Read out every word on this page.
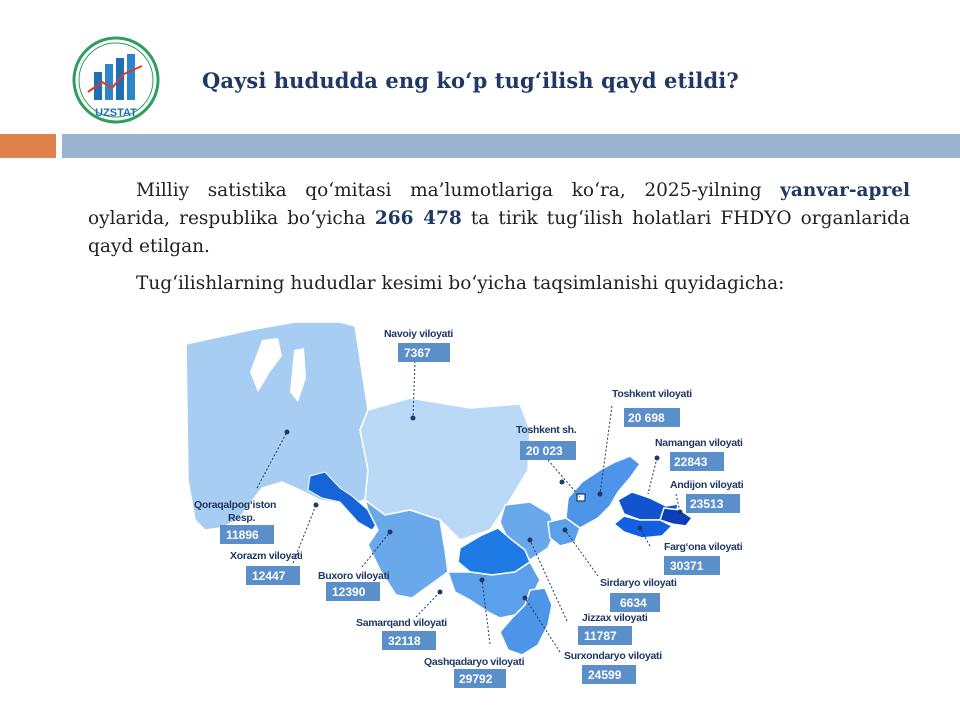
UZSTAT
Qaysi hududda eng ko‘p tug‘ilish qayd etildi?
Milliy satistika qo‘mitasi ma’lumotlariga ko‘ra, 2025-yilning yanvar-aprel oylarida, respublika bo‘yicha 266 478 ta tirik tug‘ilish holatlari FHDYO organlarida qayd etilgan.
Tug‘ilishlarning hududlar kesimi bo‘yicha taqsimlanishi quyidagicha:
Navoiy viloyati
7367
Toshkent viloyati
20 698
Toshkent sh.
20 023
Namangan viloyati
22843
Andijon viloyati
23513
Farg‘ona viloyati
30371
Qoraqalpog‘iston
Resp.
11896
Xorazm viloyati
12447	Buxoro viloyati
12390
Sirdaryo viloyati
6634
Jizzax viloyati
11787
Samarqand viloyati
32118
Qashqadaryo viloyati
29792
Surxondaryo viloyati
24599
